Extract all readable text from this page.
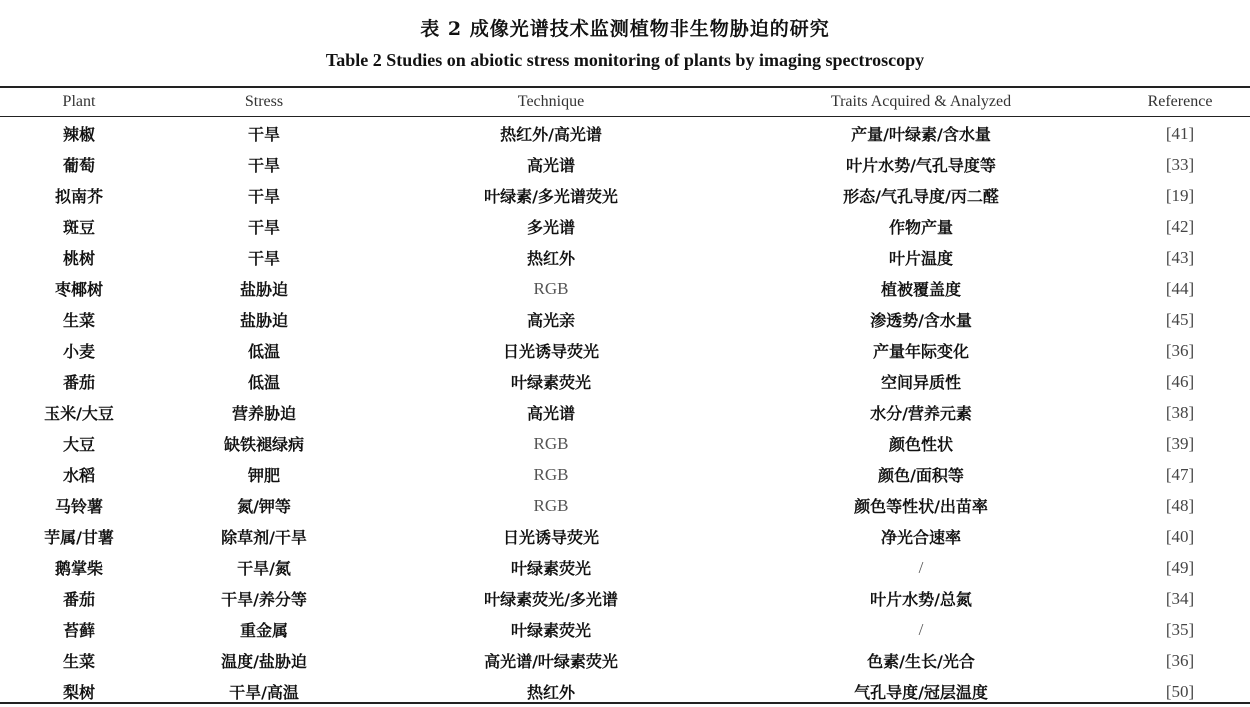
表 2 成像光谱技术监测植物非生物胁迫的研究
Table 2 Studies on abiotic stress monitoring of plants by imaging spectroscopy
Plant	Stress	Technique	Traits Acquired & Analyzed	Reference
辣椒	干旱	热红外/高光谱	产量/叶绿素/含水量	[41]
葡萄	干旱	高光谱	叶片水势/气孔导度等	[33]
拟南芥	干旱	叶绿素/多光谱荧光	形态/气孔导度/丙二醛	[19]
斑豆	干旱	多光谱	作物产量	[42]
桃树	干旱	热红外	叶片温度	[43]
枣椰树	盐胁迫	RGB	植被覆盖度	[44]
生菜	盐胁迫	高光亲	渗透势/含水量	[45]
小麦	低温	日光诱导荧光	产量年际变化	[36]
番茄	低温	叶绿素荧光	空间异质性	[46]
玉米/大豆	营养胁迫	高光谱	水分/营养元素	[38]
大豆	缺铁褪绿病	RGB	颜色性状	[39]
水稻	钾肥	RGB	颜色/面积等	[47]
马铃薯	氮/钾等	RGB	颜色等性状/出苗率	[48]
芋属/甘薯	除草剂/干旱	日光诱导荧光	净光合速率	[40]
鹅掌柴	干旱/氮	叶绿素荧光	/	[49]
番茄	干旱/养分等	叶绿素荧光/多光谱	叶片水势/总氮	[34]
苔藓	重金属	叶绿素荧光	/	[35]
生菜	温度/盐胁迫	高光谱/叶绿素荧光	色素/生长/光合	[36]
梨树	干旱/高温	热红外	气孔导度/冠层温度	[50]
